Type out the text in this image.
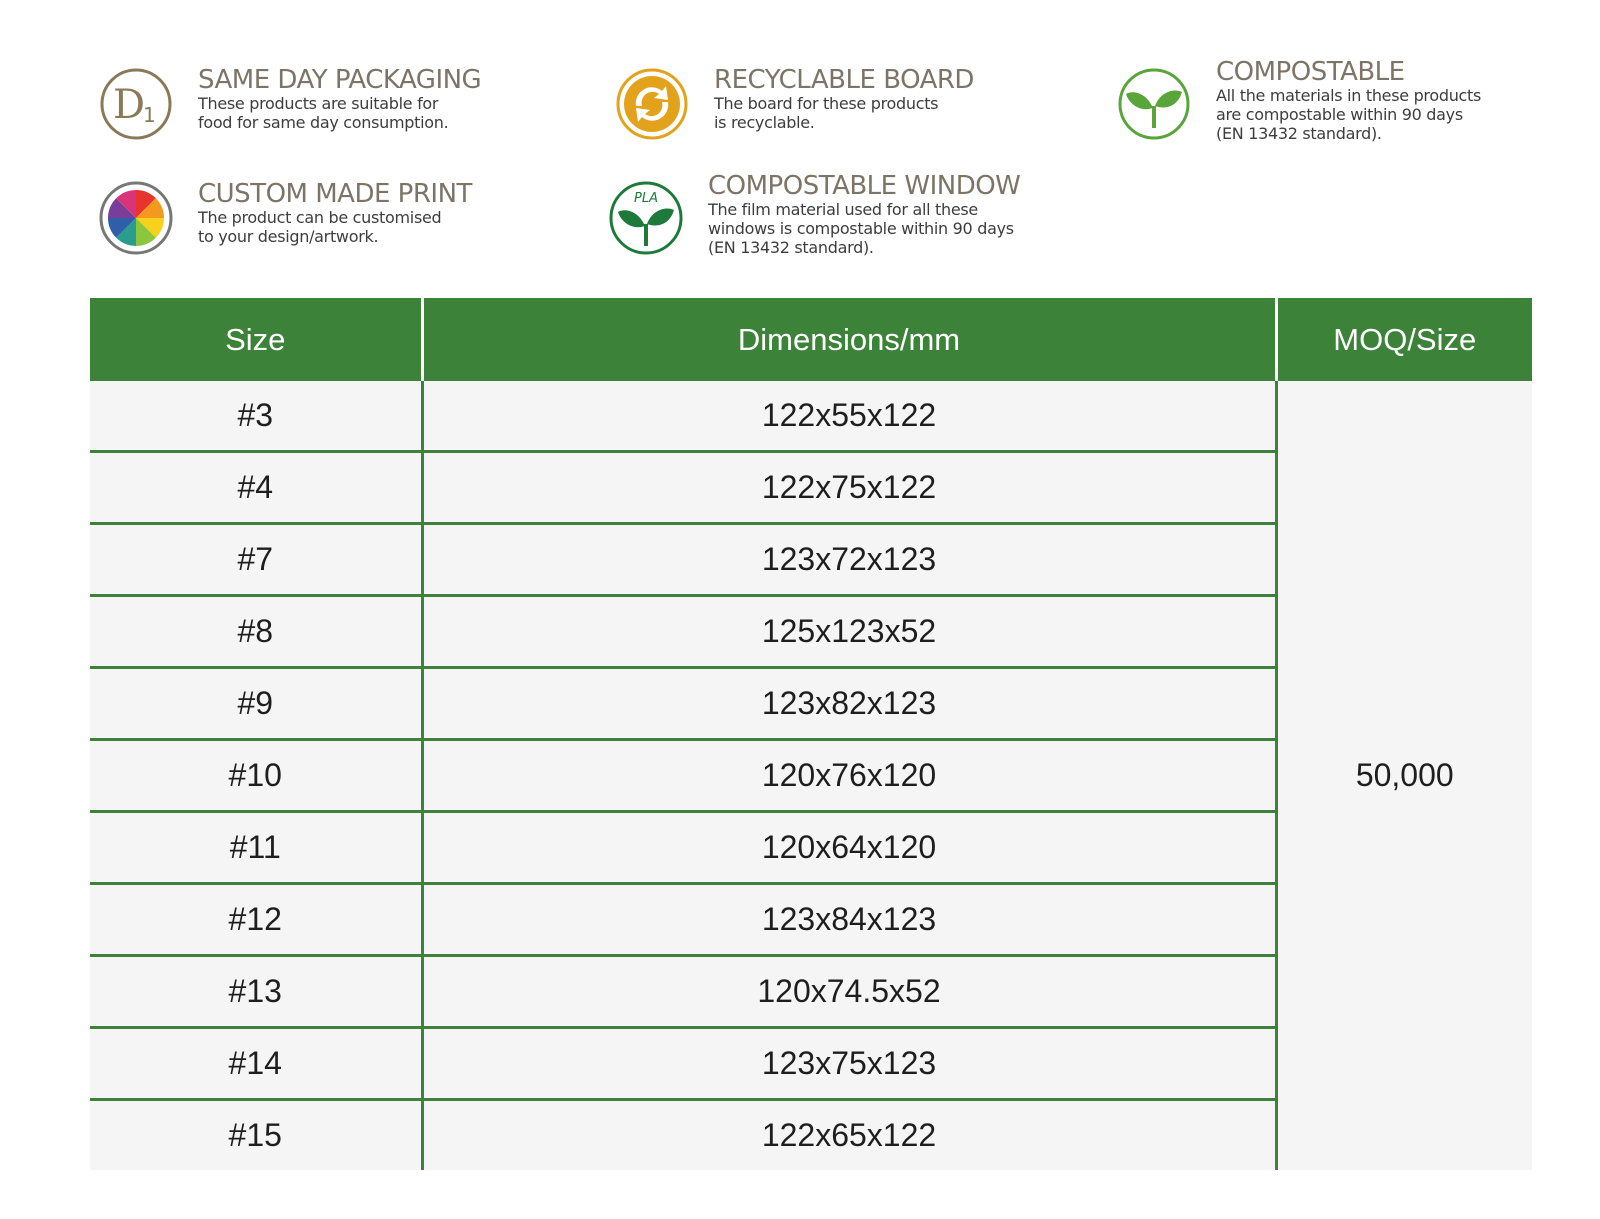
D
1
SAME DAY PACKAGING
These products are suitable for
food for same day consumption.
RECYCLABLE BOARD
The board for these products
is recyclable.
COMPOSTABLE
All the materials in these products
are compostable within 90 days
(EN 13432 standard).
CUSTOM MADE PRINT
The product can be customised
to your design/artwork.
PLA COMPOSTABLE WINDOW
The film material used for all these
windows is compostable within 90 days
(EN 13432 standard).
Size	Dimensions/mm	MOQ/Size
#3	122x55x122	50,000
#4	122x75x122	
#7	123x72x123	
#8	125x123x52	
#9	123x82x123	
#10	120x76x120	
#11	120x64x120	
#12	123x84x123	
#13	120x74.5x52	
#14	123x75x123	
#15	122x65x122	
